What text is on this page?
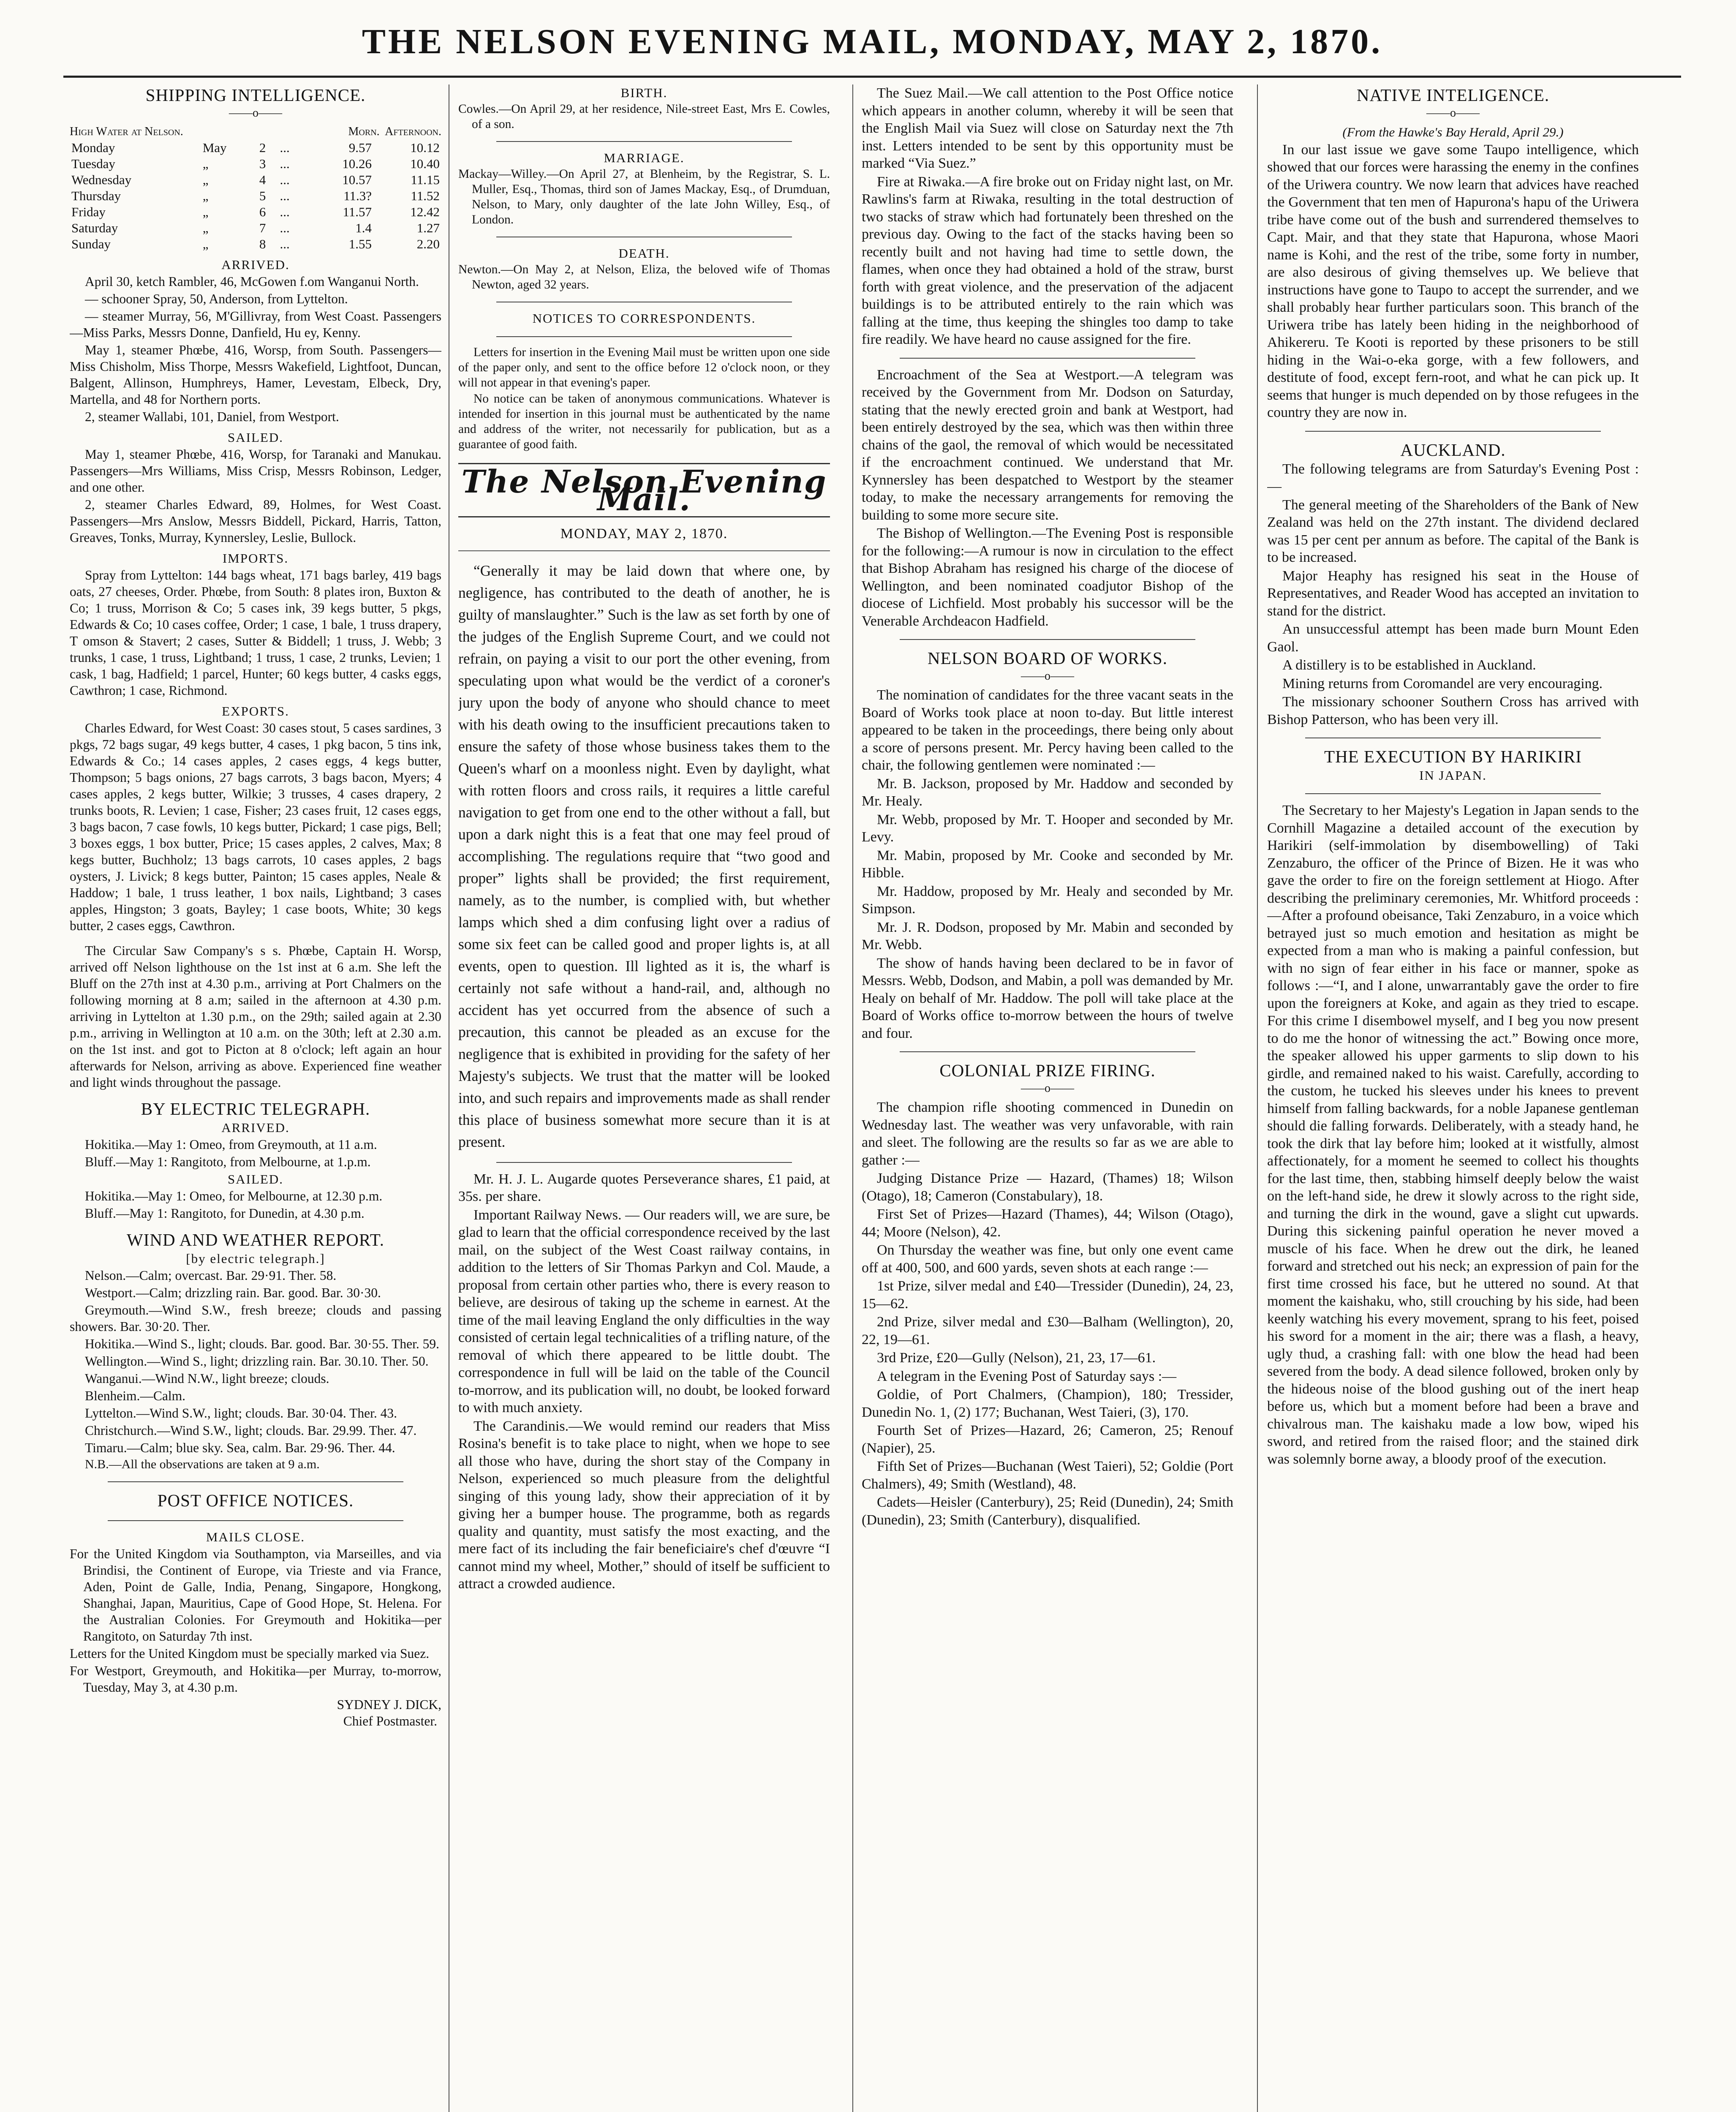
THE NELSON EVENING MAIL, MONDAY, MAY 2, 1870.
SHIPPING INTELLIGENCE.
——o——
High Water at Nelson.	Morn. Afternoon.
Monday	May	2	...	9.57	10.12
Tuesday	„	3	...	10.26	10.40
Wednesday	„	4	...	10.57	11.15
Thursday	„	5	...	11.3?	11.52
Friday	„	6	...	11.57	12.42
Saturday	„	7	...	1.4	1.27
Sunday	„	8	...	1.55	2.20
ARRIVED.

April 30, ketch Rambler, 46, McGowen f.om Wanganui North.

— schooner Spray, 50, Anderson, from Lyttelton.

— steamer Murray, 56, M'Gillivray, from West Coast. Passengers—Miss Parks, Messrs Donne, Danfield, Hu ey, Kenny.

May 1, steamer Phœbe, 416, Worsp, from South. Passengers—Miss Chisholm, Miss Thorpe, Messrs Wakefield, Lightfoot, Duncan, Balgent, Allinson, Humphreys, Hamer, Levestam, Elbeck, Dry, Martella, and 48 for Northern ports.

2, steamer Wallabi, 101, Daniel, from Westport.

SAILED.

May 1, steamer Phœbe, 416, Worsp, for Taranaki and Manukau. Passengers—Mrs Williams, Miss Crisp, Messrs Robinson, Ledger, and one other.

2, steamer Charles Edward, 89, Holmes, for West Coast. Passengers—Mrs Anslow, Messrs Biddell, Pickard, Harris, Tatton, Greaves, Tonks, Murray, Kynnersley, Leslie, Bullock.

IMPORTS.

Spray from Lyttelton: 144 bags wheat, 171 bags barley, 419 bags oats, 27 cheeses, Order. Phœbe, from South: 8 plates iron, Buxton & Co; 1 truss, Morrison & Co; 5 cases ink, 39 kegs butter, 5 pkgs, Edwards & Co; 10 cases coffee, Order; 1 case, 1 bale, 1 truss drapery, T omson & Stavert; 2 cases, Sutter & Biddell; 1 truss, J. Webb; 3 trunks, 1 case, 1 truss, Lightband; 1 truss, 1 case, 2 trunks, Levien; 1 cask, 1 bag, Hadfield; 1 parcel, Hunter; 60 kegs butter, 4 casks eggs, Cawthron; 1 case, Richmond.

EXPORTS.

Charles Edward, for West Coast: 30 cases stout, 5 cases sardines, 3 pkgs, 72 bags sugar, 49 kegs butter, 4 cases, 1 pkg bacon, 5 tins ink, Edwards & Co.; 14 cases apples, 2 cases eggs, 4 kegs butter, Thompson; 5 bags onions, 27 bags carrots, 3 bags bacon, Myers; 4 cases apples, 2 kegs butter, Wilkie; 3 trusses, 4 cases drapery, 2 trunks boots, R. Levien; 1 case, Fisher; 23 cases fruit, 12 cases eggs, 3 bags bacon, 7 case fowls, 10 kegs butter, Pickard; 1 case pigs, Bell; 3 boxes eggs, 1 box butter, Price; 15 cases apples, 2 calves, Max; 8 kegs butter, Buchholz; 13 bags carrots, 10 cases apples, 2 bags oysters, J. Livick; 8 kegs butter, Painton; 15 cases apples, Neale & Haddow; 1 bale, 1 truss leather, 1 box nails, Lightband; 3 cases apples, Hingston; 3 goats, Bayley; 1 case boots, White; 30 kegs butter, 2 cases eggs, Cawthron.

The Circular Saw Company's s s. Phœbe, Captain H. Worsp, arrived off Nelson lighthouse on the 1st inst at 6 a.m. She left the Bluff on the 27th inst at 4.30 p.m., arriving at Port Chalmers on the following morning at 8 a.m; sailed in the afternoon at 4.30 p.m. arriving in Lyttelton at 1.30 p.m., on the 29th; sailed again at 2.30 p.m., arriving in Wellington at 10 a.m. on the 30th; left at 2.30 a.m. on the 1st inst. and got to Picton at 8 o'clock; left again an hour afterwards for Nelson, arriving as above. Experienced fine weather and light winds throughout the passage.

BY ELECTRIC TELEGRAPH.
ARRIVED.

Hokitika.—May 1: Omeo, from Greymouth, at 11 a.m.

Bluff.—May 1: Rangitoto, from Melbourne, at 1.p.m.

SAILED.

Hokitika.—May 1: Omeo, for Melbourne, at 12.30 p.m.

Bluff.—May 1: Rangitoto, for Dunedin, at 4.30 p.m.

WIND AND WEATHER REPORT.
[by electric telegraph.]

Nelson.—Calm; overcast. Bar. 29·91. Ther. 58.

Westport.—Calm; drizzling rain. Bar. good. Bar. 30·30.

Greymouth.—Wind S.W., fresh breeze; clouds and passing showers. Bar. 30·20. Ther.

Hokitika.—Wind S., light; clouds. Bar. good. Bar. 30·55. Ther. 59.

Wellington.—Wind S., light; drizzling rain. Bar. 30.10. Ther. 50.

Wanganui.—Wind N.W., light breeze; clouds.

Blenheim.—Calm.

Lyttelton.—Wind S.W., light; clouds. Bar. 30·04. Ther. 43.

Christchurch.—Wind S.W., light; clouds. Bar. 29.99. Ther. 47.

Timaru.—Calm; blue sky. Sea, calm. Bar. 29·96. Ther. 44.

N.B.—All the observations are taken at 9 a.m.

POST OFFICE NOTICES.
MAILS CLOSE.

For the United Kingdom via Southampton, via Marseilles, and via Brindisi, the Continent of Europe, via Trieste and via France, Aden, Point de Galle, India, Penang, Singapore, Hongkong, Shanghai, Japan, Mauritius, Cape of Good Hope, St. Helena. For the Australian Colonies. For Greymouth and Hokitika—per Rangitoto, on Saturday 7th inst.

Letters for the United Kingdom must be specially marked via Suez.

For Westport, Greymouth, and Hokitika—per Murray, to-morrow, Tuesday, May 3, at 4.30 p.m.

SYDNEY J. DICK,
Chief Postmaster.
BIRTH.

Cowles.—On April 29, at her residence, Nile-street East, Mrs E. Cowles, of a son.

MARRIAGE.

Mackay—Willey.—On April 27, at Blenheim, by the Registrar, S. L. Muller, Esq., Thomas, third son of James Mackay, Esq., of Drumduan, Nelson, to Mary, only daughter of the late John Willey, Esq., of London.

DEATH.

Newton.—On May 2, at Nelson, Eliza, the beloved wife of Thomas Newton, aged 32 years.

NOTICES TO CORRESPONDENTS.

Letters for insertion in the Evening Mail must be written upon one side of the paper only, and sent to the office before 12 o'clock noon, or they will not appear in that evening's paper.

No notice can be taken of anonymous communications. Whatever is intended for insertion in this journal must be authenticated by the name and address of the writer, not necessarily for publication, but as a guarantee of good faith.

The Nelson Evening Mail.
MONDAY, MAY 2, 1870.

“Generally it may be laid down that where one, by negligence, has contributed to the death of another, he is guilty of manslaughter.” Such is the law as set forth by one of the judges of the English Supreme Court, and we could not refrain, on paying a visit to our port the other evening, from speculating upon what would be the verdict of a coroner's jury upon the body of anyone who should chance to meet with his death owing to the insufficient precautions taken to ensure the safety of those whose business takes them to the Queen's wharf on a moonless night. Even by daylight, what with rotten floors and cross rails, it requires a little careful navigation to get from one end to the other without a fall, but upon a dark night this is a feat that one may feel proud of accomplishing. The regulations require that “two good and proper” lights shall be provided; the first requirement, namely, as to the number, is complied with, but whether lamps which shed a dim confusing light over a radius of some six feet can be called good and proper lights is, at all events, open to question. Ill lighted as it is, the wharf is certainly not safe without a hand-rail, and, although no accident has yet occurred from the absence of such a precaution, this cannot be pleaded as an excuse for the negligence that is exhibited in providing for the safety of her Majesty's subjects. We trust that the matter will be looked into, and such repairs and improvements made as shall render this place of business somewhat more secure than it is at present.

Mr. H. J. L. Augarde quotes Perseverance shares, £1 paid, at 35s. per share.

Important Railway News. — Our readers will, we are sure, be glad to learn that the official correspondence received by the last mail, on the subject of the West Coast railway contains, in addition to the letters of Sir Thomas Parkyn and Col. Maude, a proposal from certain other parties who, there is every reason to believe, are desirous of taking up the scheme in earnest. At the time of the mail leaving England the only difficulties in the way consisted of certain legal technicalities of a trifling nature, of the removal of which there appeared to be little doubt. The correspondence in full will be laid on the table of the Council to-morrow, and its publication will, no doubt, be looked forward to with much anxiety.

The Carandinis.—We would remind our readers that Miss Rosina's benefit is to take place to night, when we hope to see all those who have, during the short stay of the Company in Nelson, experienced so much pleasure from the delightful singing of this young lady, show their appreciation of it by giving her a bumper house. The programme, both as regards quality and quantity, must satisfy the most exacting, and the mere fact of its including the fair beneficiaire's chef d'œuvre “I cannot mind my wheel, Mother,” should of itself be sufficient to attract a crowded audience.

The Suez Mail.—We call attention to the Post Office notice which appears in another column, whereby it will be seen that the English Mail via Suez will close on Saturday next the 7th inst. Letters intended to be sent by this opportunity must be marked “Via Suez.”

Fire at Riwaka.—A fire broke out on Friday night last, on Mr. Rawlins's farm at Riwaka, resulting in the total destruction of two stacks of straw which had fortunately been threshed on the previous day. Owing to the fact of the stacks having been so recently built and not having had time to settle down, the flames, when once they had obtained a hold of the straw, burst forth with great violence, and the preservation of the adjacent buildings is to be attributed entirely to the rain which was falling at the time, thus keeping the shingles too damp to take fire readily. We have heard no cause assigned for the fire.

Encroachment of the Sea at Westport.—A telegram was received by the Government from Mr. Dodson on Saturday, stating that the newly erected groin and bank at Westport, had been entirely destroyed by the sea, which was then within three chains of the gaol, the removal of which would be necessitated if the encroachment continued. We understand that Mr. Kynnersley has been despatched to Westport by the steamer today, to make the necessary arrangements for removing the building to some more secure site.

The Bishop of Wellington.—The Evening Post is responsible for the following:—A rumour is now in circulation to the effect that Bishop Abraham has resigned his charge of the diocese of Wellington, and been nominated coadjutor Bishop of the diocese of Lichfield. Most probably his successor will be the Venerable Archdeacon Hadfield.

NELSON BOARD OF WORKS.
——o——

The nomination of candidates for the three vacant seats in the Board of Works took place at noon to-day. But little interest appeared to be taken in the proceedings, there being only about a score of persons present. Mr. Percy having been called to the chair, the following gentlemen were nominated :—

Mr. B. Jackson, proposed by Mr. Haddow and seconded by Mr. Healy.

Mr. Webb, proposed by Mr. T. Hooper and seconded by Mr. Levy.

Mr. Mabin, proposed by Mr. Cooke and seconded by Mr. Hibble.

Mr. Haddow, proposed by Mr. Healy and seconded by Mr. Simpson.

Mr. J. R. Dodson, proposed by Mr. Mabin and seconded by Mr. Webb.

The show of hands having been declared to be in favor of Messrs. Webb, Dodson, and Mabin, a poll was demanded by Mr. Healy on behalf of Mr. Haddow. The poll will take place at the Board of Works office to-morrow between the hours of twelve and four.

COLONIAL PRIZE FIRING.
——o——

The champion rifle shooting commenced in Dunedin on Wednesday last. The weather was very unfavorable, with rain and sleet. The following are the results so far as we are able to gather :—

Judging Distance Prize — Hazard, (Thames) 18; Wilson (Otago), 18; Cameron (Constabulary), 18.

First Set of Prizes—Hazard (Thames), 44; Wilson (Otago), 44; Moore (Nelson), 42.

On Thursday the weather was fine, but only one event came off at 400, 500, and 600 yards, seven shots at each range :—

1st Prize, silver medal and £40—Tressider (Dunedin), 24, 23, 15—62.

2nd Prize, silver medal and £30—Balham (Wellington), 20, 22, 19—61.

3rd Prize, £20—Gully (Nelson), 21, 23, 17—61.

A telegram in the Evening Post of Saturday says :—

Goldie, of Port Chalmers, (Champion), 180; Tressider, Dunedin No. 1, (2) 177; Buchanan, West Taieri, (3), 170.

Fourth Set of Prizes—Hazard, 26; Cameron, 25; Renouf (Napier), 25.

Fifth Set of Prizes—Buchanan (West Taieri), 52; Goldie (Port Chalmers), 49; Smith (Westland), 48.

Cadets—Heisler (Canterbury), 25; Reid (Dunedin), 24; Smith (Dunedin), 23; Smith (Canterbury), disqualified.

NATIVE INTELIGENCE.
——o——
(From the Hawke's Bay Herald, April 29.)

In our last issue we gave some Taupo intelligence, which showed that our forces were harassing the enemy in the confines of the Uriwera country. We now learn that advices have reached the Government that ten men of Hapurona's hapu of the Uriwera tribe have come out of the bush and surrendered themselves to Capt. Mair, and that they state that Hapurona, whose Maori name is Kohi, and the rest of the tribe, some forty in number, are also desirous of giving themselves up. We believe that instructions have gone to Taupo to accept the surrender, and we shall probably hear further particulars soon. This branch of the Uriwera tribe has lately been hiding in the neighborhood of Ahikereru. Te Kooti is reported by these prisoners to be still hiding in the Wai-o-eka gorge, with a few followers, and destitute of food, except fern-root, and what he can pick up. It seems that hunger is much depended on by those refugees in the country they are now in.

AUCKLAND.

The following telegrams are from Saturday's Evening Post :—

The general meeting of the Shareholders of the Bank of New Zealand was held on the 27th instant. The dividend declared was 15 per cent per annum as before. The capital of the Bank is to be increased.

Major Heaphy has resigned his seat in the House of Representatives, and Reader Wood has accepted an invitation to stand for the district.

An unsuccessful attempt has been made burn Mount Eden Gaol.

A distillery is to be established in Auckland.

Mining returns from Coromandel are very encouraging.

The missionary schooner Southern Cross has arrived with Bishop Patterson, who has been very ill.

THE EXECUTION BY HARIKIRI
IN JAPAN.

The Secretary to her Majesty's Legation in Japan sends to the Cornhill Magazine a detailed account of the execution by Harikiri (self-immolation by disembowelling) of Taki Zenzaburo, the officer of the Prince of Bizen. He it was who gave the order to fire on the foreign settlement at Hiogo. After describing the preliminary ceremonies, Mr. Whitford proceeds :—After a profound obeisance, Taki Zenzaburo, in a voice which betrayed just so much emotion and hesitation as might be expected from a man who is making a painful confession, but with no sign of fear either in his face or manner, spoke as follows :—“I, and I alone, unwarrantably gave the order to fire upon the foreigners at Koke, and again as they tried to escape. For this crime I disembowel myself, and I beg you now present to do me the honor of witnessing the act.” Bowing once more, the speaker allowed his upper garments to slip down to his girdle, and remained naked to his waist. Carefully, according to the custom, he tucked his sleeves under his knees to prevent himself from falling backwards, for a noble Japanese gentleman should die falling forwards. Deliberately, with a steady hand, he took the dirk that lay before him; looked at it wistfully, almost affectionately, for a moment he seemed to collect his thoughts for the last time, then, stabbing himself deeply below the waist on the left-hand side, he drew it slowly across to the right side, and turning the dirk in the wound, gave a slight cut upwards. During this sickening painful operation he never moved a muscle of his face. When he drew out the dirk, he leaned forward and stretched out his neck; an expression of pain for the first time crossed his face, but he uttered no sound. At that moment the kaishaku, who, still crouching by his side, had been keenly watching his every movement, sprang to his feet, poised his sword for a moment in the air; there was a flash, a heavy, ugly thud, a crashing fall: with one blow the head had been severed from the body. A dead silence followed, broken only by the hideous noise of the blood gushing out of the inert heap before us, which but a moment before had been a brave and chivalrous man. The kaishaku made a low bow, wiped his sword, and retired from the raised floor; and the stained dirk was solemnly borne away, a bloody proof of the execution.
